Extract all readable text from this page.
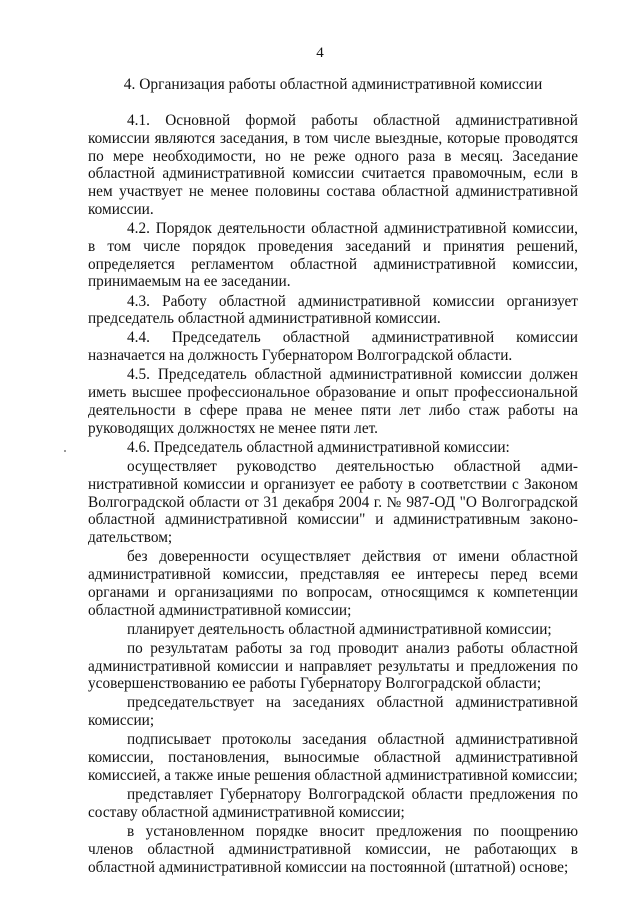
4
4. Организация работы областной административной комиссии

4.1. Основной формой работы областной административной комиссии являются заседания, в том числе выездные, которые проводятся по мере необходимости, но не реже одного раза в месяц. Заседание областной административной комиссии считается правомочным, если в нем участвует не менее половины состава областной административной комиссии.

4.2. Порядок деятельности областной административной комиссии, в том числе порядок проведения заседаний и принятия решений, определяется регламентом областной административной комиссии, принимаемым на ее заседании.

4.3. Работу областной административной комиссии организует председатель областной административной комиссии.

4.4. Председатель областной административной комиссии назначается на должность Губернатором Волгоградской области.

4.5. Председатель областной административной комиссии должен иметь высшее профессиональное образование и опыт профессиональной деятельности в сфере права не менее пяти лет либо стаж работы на руководящих должностях не менее пяти лет.

4.6. Председатель областной административной комиссии:

осуществляет руководство деятельностью областной административной комиссии и организует ее работу в соответствии с Законом Волгоградской области от 31 декабря 2004 г. № 987-ОД "О Волгоградской областной административной комиссии" и административным законодательством;

без доверенности осуществляет действия от имени областной административной комиссии, представляя ее интересы перед всеми органами и организациями по вопросам, относящимся к компетенции областной административной комиссии;

планирует деятельность областной административной комиссии;

по результатам работы за год проводит анализ работы областной административной комиссии и направляет результаты и предложения по усовершенствованию ее работы Губернатору Волгоградской области;

председательствует на заседаниях областной административной комиссии;

подписывает протоколы заседания областной административной комиссии, постановления, выносимые областной административной комиссией, а также иные решения областной административной комиссии;

представляет Губернатору Волгоградской области предложения по составу областной административной комиссии;

в установленном порядке вносит предложения по поощрению членов областной административной комиссии, не работающих в областной административной комиссии на постоянной (штатной) основе;
